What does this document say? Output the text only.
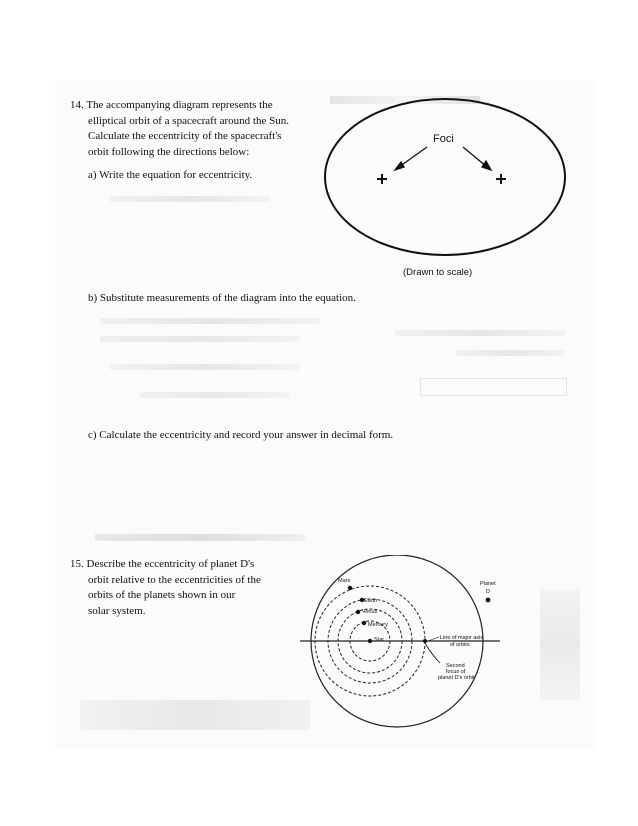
14. The accompanying diagram represents the
elliptical orbit of a spacecraft around the Sun.
Calculate the eccentricity of the spacecraft's
orbit following the directions below:
a) Write the equation for eccentricity.
b) Substitute measurements of the diagram into the equation.
c) Calculate the eccentricity and record your answer in decimal form.
Foci
(Drawn to scale)
15. Describe the eccentricity of planet D's
orbit relative to the eccentricities of the
orbits of the planets shown in our
solar system.
Mars
Earth
Venus
Mercury
Star
Planet
D
Line of major axis
of orbits
Second
focus of
planet D's orbit
